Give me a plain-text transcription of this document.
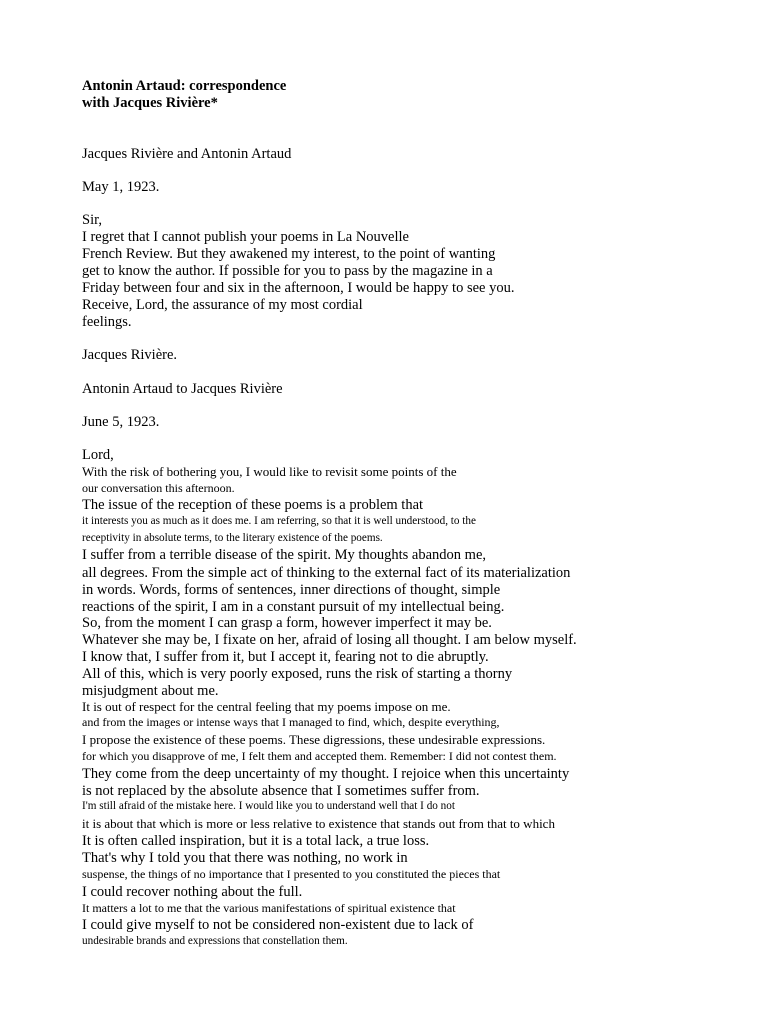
Antonin Artaud: correspondence
with Jacques Rivière*
Jacques Rivière and Antonin Artaud
May 1, 1923.
Sir,
I regret that I cannot publish your poems in La Nouvelle
French Review. But they awakened my interest, to the point of wanting
get to know the author. If possible for you to pass by the magazine in a
Friday between four and six in the afternoon, I would be happy to see you.
Receive, Lord, the assurance of my most cordial
feelings.
Jacques Rivière.
Antonin Artaud to Jacques Rivière
June 5, 1923.
Lord,
With the risk of bothering you, I would like to revisit some points of the
our conversation this afternoon.
The issue of the reception of these poems is a problem that
it interests you as much as it does me. I am referring, so that it is well understood, to the
receptivity in absolute terms, to the literary existence of the poems.
I suffer from a terrible disease of the spirit. My thoughts abandon me,
all degrees. From the simple act of thinking to the external fact of its materialization
in words. Words, forms of sentences, inner directions of thought, simple
reactions of the spirit, I am in a constant pursuit of my intellectual being.
So, from the moment I can grasp a form, however imperfect it may be.
Whatever she may be, I fixate on her, afraid of losing all thought. I am below myself.
I know that, I suffer from it, but I accept it, fearing not to die abruptly.
All of this, which is very poorly exposed, runs the risk of starting a thorny
misjudgment about me.
It is out of respect for the central feeling that my poems impose on me.
and from the images or intense ways that I managed to find, which, despite everything,
I propose the existence of these poems. These digressions, these undesirable expressions.
for which you disapprove of me, I felt them and accepted them. Remember: I did not contest them.
They come from the deep uncertainty of my thought. I rejoice when this uncertainty
is not replaced by the absolute absence that I sometimes suffer from.
I'm still afraid of the mistake here. I would like you to understand well that I do not
it is about that which is more or less relative to existence that stands out from that to which
It is often called inspiration, but it is a total lack, a true loss.
That's why I told you that there was nothing, no work in
suspense, the things of no importance that I presented to you constituted the pieces that
I could recover nothing about the full.
It matters a lot to me that the various manifestations of spiritual existence that
I could give myself to not be considered non-existent due to lack of
undesirable brands and expressions that constellation them.
